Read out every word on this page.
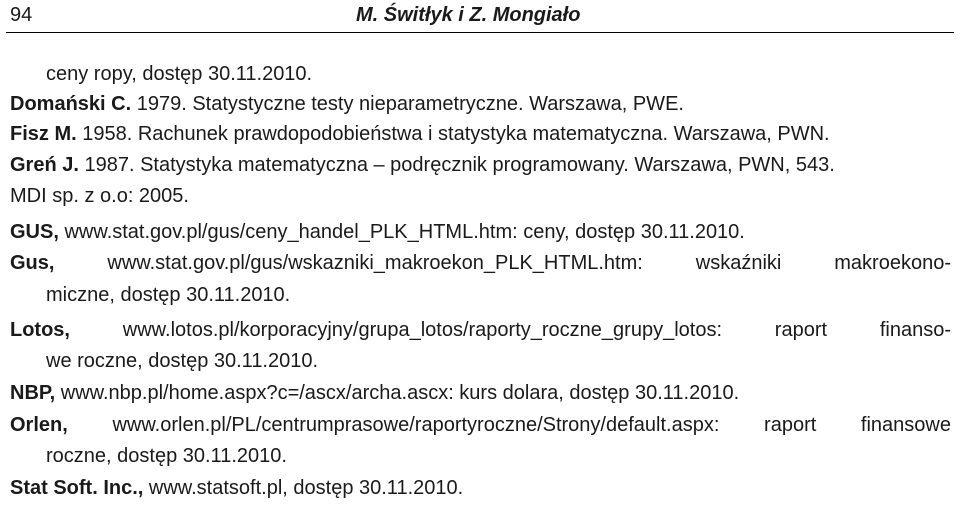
94	M. Świtłyk i Z. Mongiało
ceny ropy, dostęp 30.11.2010.
Domański C. 1979. Statystyczne testy nieparametryczne. Warszawa, PWE.
Fisz M. 1958. Rachunek prawdopodobieństwa i statystyka matematyczna. Warszawa, PWN.
Greń J. 1987. Statystyka matematyczna – podręcznik programowany. Warszawa, PWN, 543.
MDI sp. z o.o: 2005.
GUS, www.stat.gov.pl/gus/ceny_handel_PLK_HTML.htm: ceny, dostęp 30.11.2010.
Gus, www.stat.gov.pl/gus/wskazniki_makroekon_PLK_HTML.htm: wskaźniki makroekono-
miczne, dostęp 30.11.2010.
Lotos, www.lotos.pl/korporacyjny/grupa_lotos/raporty_roczne_grupy_lotos: raport finanso-
we roczne, dostęp 30.11.2010.
NBP, www.nbp.pl/home.aspx?c=/ascx/archa.ascx: kurs dolara, dostęp 30.11.2010.
Orlen, www.orlen.pl/PL/centrumprasowe/raportyroczne/Strony/default.aspx: raport finansowe
roczne, dostęp 30.11.2010.
Stat Soft. Inc., www.statsoft.pl, dostęp 30.11.2010.
